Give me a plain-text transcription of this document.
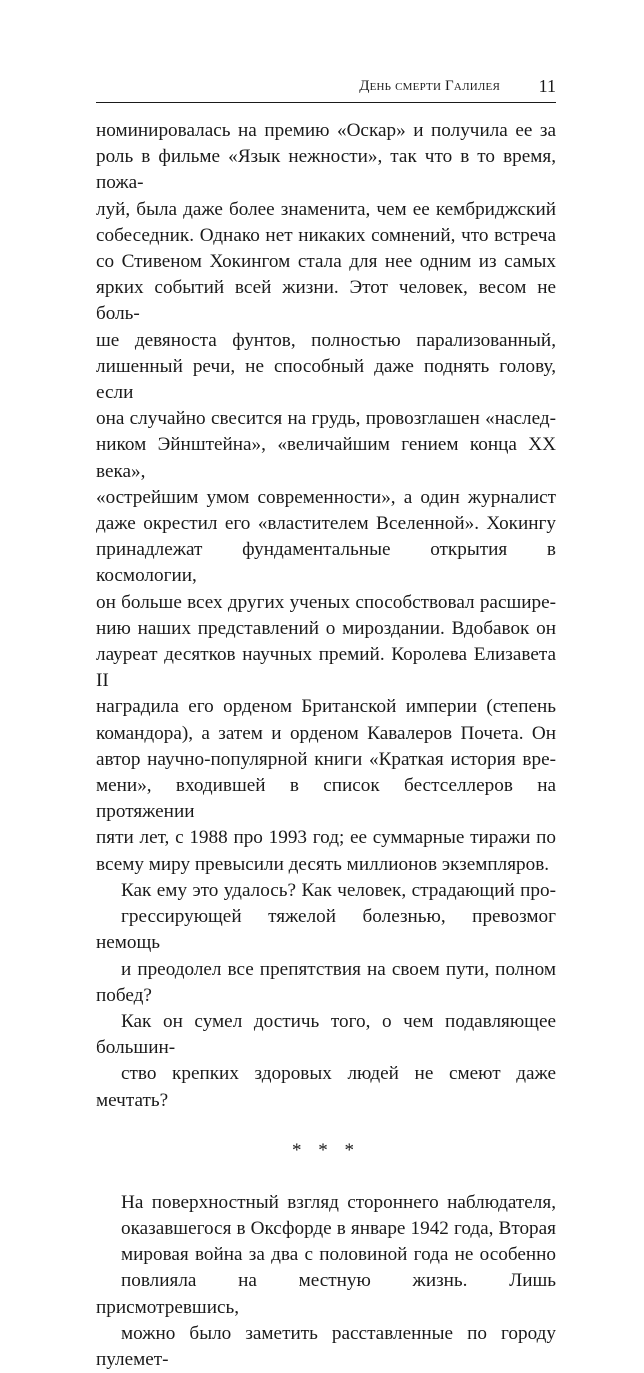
День смерти Галилея 11

номинировалась на премию «Оскар» и получила ее за
роль в фильме «Язык нежности», так что в то время, пожа-
луй, была даже более знаменита, чем ее кембриджский
собеседник. Однако нет никаких сомнений, что встреча
со Стивеном Хокингом стала для нее одним из самых
ярких событий всей жизни. Этот человек, весом не боль-
ше девяноста фунтов, полностью парализованный,
лишенный речи, не способный даже поднять голову, если
она случайно свесится на грудь, провозглашен «наслед-
ником Эйнштейна», «величайшим гением конца XX века»,
«острейшим умом современности», а один журналист
даже окрестил его «властителем Вселенной». Хокингу
принадлежат фундаментальные открытия в космологии,
он больше всех других ученых способствовал расшире-
нию наших представлений о мироздании. Вдобавок он
лауреат десятков научных премий. Королева Елизавета II
наградила его орденом Британской империи (степень
командора), а затем и орденом Кавалеров Почета. Он
автор научно-популярной книги «Краткая история вре-
мени», входившей в список бестселлеров на протяжении
пяти лет, с 1988 про 1993 год; ее суммарные тиражи по
всему миру превысили десять миллионов экземпляров.

Как ему это удалось? Как человек, страдающий про-
грессирующей тяжелой болезнью, превозмог немощь
и преодолел все препятствия на своем пути, полном побед?
Как он сумел достичь того, о чем подавляющее большин-
ство крепких здоровых людей не смеют даже мечтать?

* * *

На поверхностный взгляд стороннего наблюдателя,
оказавшегося в Оксфорде в январе 1942 года, Вторая
мировая война за два с половиной года не особенно
повлияла на местную жизнь. Лишь присмотревшись,
можно было заметить расставленные по городу пулемет-
